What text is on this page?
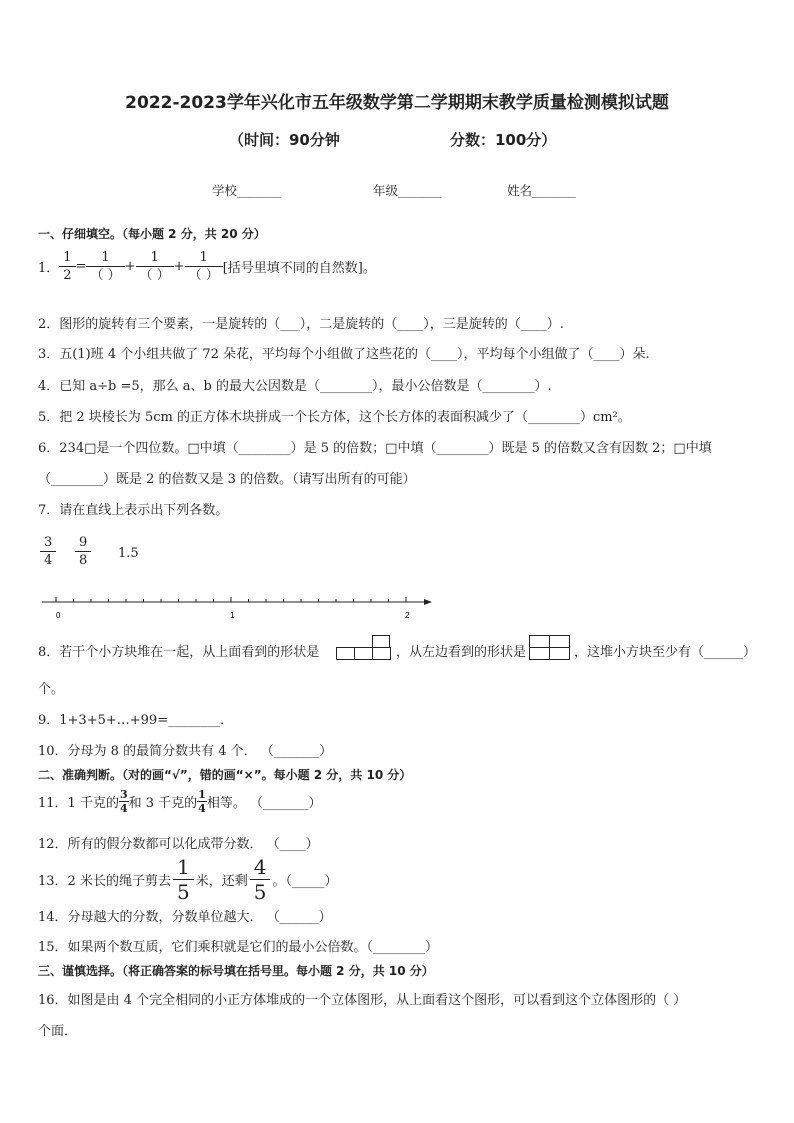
2022-2023学年兴化市五年级数学第二学期期末教学质量检测模拟试题
（时间：90分钟	分数：100分）
学校_______	年级_______	姓名_______
一、仔细填空。（每小题 2 分，共 20 分）
1． $\frac{1}{2} = \frac{1}{( )} + \frac{1}{( )} + \frac{1}{( )}$ [括号里填不同的自然数]。
2．图形的旋转有三个要素，一是旋转的（___），二是旋转的（____），三是旋转的（____）.
3．五(1)班 4 个小组共做了 72 朵花，平均每个小组做了这些花的（____），平均每个小组做了（____）朵.
4．已知 a÷b =5，那么 a、b 的最大公因数是（________），最小公倍数是（________）.
5．把 2 块棱长为 5cm 的正方体木块拼成一个长方体，这个长方体的表面积减少了（________）cm²。
6．234□是一个四位数。□中填（________）是 5 的倍数；□中填（________）既是 5 的倍数又含有因数 2；□中填
（________）既是 2 的倍数又是 3 的倍数。（请写出所有的可能）
7．请在直线上表示出下列各数。
$\frac{3}{4} \frac{9}{8} 1.5$
0	1	2
8．若干个小方块堆在一起，从上面看到的形状是	，从左边看到的形状是	，这堆小方块至少有（______）
个。
9．1+3+5+…+99=________．
10．分母为 8 的最简分数共有 4 个． （_______）
二、准确判断。（对的画“√”，错的画“×”。每小题 2 分，共 10 分）
11．1 千克的 $\frac{3}{4}$ 和 3 千克的 $\frac{1}{4}$ 相等。 （_______）
12．所有的假分数都可以化成带分数． （____）
13．2 米长的绳子剪去 $\frac{1}{5}$ 米，还剩 $\frac{4}{5}$ 。（_____）
14．分母越大的分数，分数单位越大． （______）
15．如果两个数互质，它们乘积就是它们的最小公倍数。（________）
三、谨慎选择。（将正确答案的标号填在括号里。每小题 2 分，共 10 分）
16．如图是由 4 个完全相同的小正方体堆成的一个立体图形，从上面看这个图形，可以看到这个立体图形的（ ）
个面．
